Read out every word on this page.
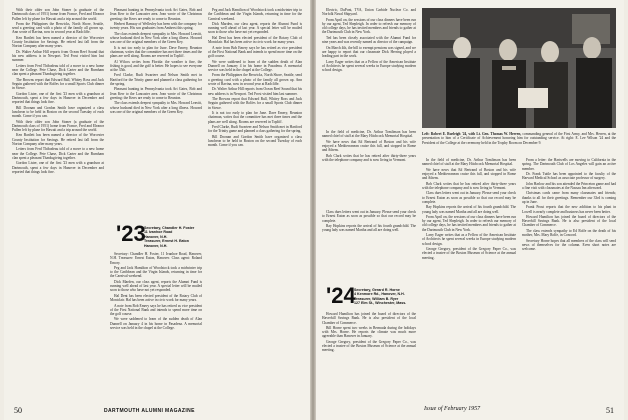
With their older son John Stoner (a graduate of the Dartmouth class of 1951) home from France, Fred and Eleanor Pullen left by plane for Hawaii and a trip around the world.

From the Philippines the Berwicks, North Shore, Seattle, send a greeting card with a photo of the family all grown up. Ann wrote of Ravina, now in second year at Radcliffe.

Ken Bartlett has been named a director of the Worcester County Institution for Savings. He retired last fall from the Norton Company after many years.

Dr. Walter Arthur Hill reports from Ocean Reef Sound that his new address is in Newport. Ted Frost visited him last summer.

Letters from Ferd Thibodeau told of a move to a new home near the College. Pete Chase, Dick Carter and the Burnham clan spent a pleasant Thanksgiving together.

The Browns report that Edward Ball, Whitey Ross and Jack Seguin gathered with the Rolfes for a small Sports Club dinner in Stowe.

Gordon Lister, one of the first '23 men with a grandson at Dartmouth, spent a few days in Hanover in December and reported that things look fine.

Bill Doonan and Gordon Smith have organized a class luncheon to be held in Boston on the second Tuesday of each month. Come if you can.

With their older son John Stoner (a graduate of the Dartmouth class of 1951) home from France, Fred and Eleanor Pullen left by plane for Hawaii and a trip around the world.

Ken Bartlett has been named a director of the Worcester County Institution for Savings. He retired last fall from the Norton Company after many years.

Letters from Ferd Thibodeau told of a move to a new home near the College. Pete Chase, Dick Carter and the Burnham clan spent a pleasant Thanksgiving together.

Gordon Lister, one of the first '23 men with a grandson at Dartmouth, spent a few days in Hanover in December and reported that things look fine.

Pheasant hunting in Pennsylvania took Art Gates, Bob and Jean Kerr to the Lancaster area. Jean wrote of the Christmas greeting: the Kerrs are ready to come to Reunion.

Herbert Ramsay of Wellesley has been with the company for twenty years. His son graduates from Amherst this spring.

The class extends deepest sympathy to Mrs. Howard Leavitt, whose husband died in New York after a long illness. Howard was one of the original members of the Green Key.

It is not too early to plan for June. Dave Emery, Reunion chairman, writes that the committee has met three times and the plans are well along. Rooms are reserved in Topliff.

Al Wilcox writes from Florida: the weather is fine, the fishing is good, and the golf is better. He hopes to see everyone at the 35th.

Fred Clarke, Rudi Swarteer and Nelson Smith met in Hartford for the Trinity game and planned a class gathering for the spring.

Pheasant hunting in Pennsylvania took Art Gates, Bob and Jean Kerr to the Lancaster area. Jean wrote of the Christmas greeting: the Kerrs are ready to come to Reunion.

The class extends deepest sympathy to Mrs. Howard Leavitt, whose husband died in New York after a long illness. Howard was one of the original members of the Green Key.

'23
Secretary, Chandler H. Foster
11 Ivanhoe Road
Hanover, N.H.
Treasurer, Ernest H. Eaton
Hanover, N.H.

Secretary: Chandler H. Foster, 11 Ivanhoe Road, Hanover, N.H. Treasurer: Ernest Eaton, Hanover. Class agent: Roland Emory.

Peg and Jack Hamilton of Woodstock took a midwinter trip to the Caribbean and the Virgin Islands, returning in time for the Carnival weekend.

Dick Marden, our class agent, reports the Alumni Fund is running well ahead of last year. A special letter will be mailed soon to those who have not yet responded.

Hal Dent has been elected president of the Rotary Club of Montclair. Hal has been active in civic work for many years.

A note from Bob Emery says he has retired as vice president of the First National Bank and intends to spend more time on the golf course.

We were saddened to learn of the sudden death of Alan Dunnell on January 4 in his home in Pasadena. A memorial service was held in the chapel at the College.

Peg and Jack Hamilton of Woodstock took a midwinter trip to the Caribbean and the Virgin Islands, returning in time for the Carnival weekend.

Dick Marden, our class agent, reports the Alumni Fund is running well ahead of last year. A special letter will be mailed soon to those who have not yet responded.

Hal Dent has been elected president of the Rotary Club of Montclair. Hal has been active in civic work for many years.

A note from Bob Emery says he has retired as vice president of the First National Bank and intends to spend more time on the golf course.

We were saddened to learn of the sudden death of Alan Dunnell on January 4 in his home in Pasadena. A memorial service was held in the chapel at the College.

From the Philippines the Berwicks, North Shore, Seattle, send a greeting card with a photo of the family all grown up. Ann wrote of Ravina, now in second year at Radcliffe.

Dr. Walter Arthur Hill reports from Ocean Reef Sound that his new address is in Newport. Ted Frost visited him last summer.

The Browns report that Edward Ball, Whitey Ross and Jack Seguin gathered with the Rolfes for a small Sports Club dinner in Stowe.

It is not too early to plan for June. Dave Emery, Reunion chairman, writes that the committee has met three times and the plans are well along. Rooms are reserved in Topliff.

Fred Clarke, Rudi Swarteer and Nelson Smith met in Hartford for the Trinity game and planned a class gathering for the spring.

Bill Doonan and Gordon Smith have organized a class luncheon to be held in Boston on the second Tuesday of each month. Come if you can.

50	DARTMOUTH ALUMNI MAGAZINE

Electric, DuPont, TVA, Union Carbide Nuclear Co. and Norfolk Naval Shipyard.

From April on, the sessions of our class dinners have been run by our agent, Ted Shepleigh. In order to refresh our memory of old college days, he has invited members and friends to gather at the Dartmouth Club in New York.

Ted has been closely associated with the Alumni Fund for nine years and was recently named as director of the campaign.

On March 4th, the bill to exempt pensions was signed, and we are happy to report that our classmate Dick Herring played a leading part in the work.

Larry Eager writes that as a Fellow of the American Institute of Architects he spent several weeks in Europe studying modern school design.

In the field of medicine, Dr. Arthur Tomlinson has been named chief of staff at the Mary Hitchcock Memorial Hospital.

We have news that Ed Bertrand of Boston and his wife enjoyed a Mediterranean cruise this fall, and stopped in Rome and Athens.

Bob Clark writes that he has retired after thirty-three years with the telephone company and is now living in Vermont.

Left: Robert E. Burleigh '24, with Lt. Gen. Thomas W. Herren, commanding general of the First Army, and Mrs. Herren, at the presentation to him of a Certificate of Achievement honoring him for outstanding service. At right: E. Lee Wilson '24 and the President of the College at the ceremony held in the Trophy Room on December 9.

In the field of medicine, Dr. Arthur Tomlinson has been named chief of staff at the Mary Hitchcock Memorial Hospital.

We have news that Ed Bertrand of Boston and his wife enjoyed a Mediterranean cruise this fall, and stopped in Rome and Athens.

Bob Clark writes that he has retired after thirty-three years with the telephone company and is now living in Vermont.

Class dues letters went out in January. Please send your check to Ernest Eaton as soon as possible so that our record may be complete.

Ray Hopkins reports the arrival of his fourth grandchild. The young lady was named Martha and all are doing well.

From April on, the sessions of our class dinners have been run by our agent, Ted Shepleigh. In order to refresh our memory of old college days, he has invited members and friends to gather at the Dartmouth Club in New York.

Larry Eager writes that as a Fellow of the American Institute of Architects he spent several weeks in Europe studying modern school design.

George Gregory, president of the Gregory Paper Co., was elected a trustee of the Boston Museum of Science at the annual meeting.

From a letter: the Hartwells are moving to California in the spring. The Dartmouth Club of Los Angeles will gain an active member.

Dr. Frank Tuttle has been appointed to the faculty of the Harvard Medical School as associate professor of surgery.

John Harlow and his son attended the Princeton game and had a fine visit with classmates at the Nassau Inn afterward.

Christmas cards came from many classmates and friends; thanks to all for their greetings. Remember our 33rd is coming up in June.

Frank Prout reports that the new addition to his plant in Lowell is nearly complete and business has never been better.

Howard Hamilton has joined the board of directors of the Haverhill Savings Bank. He is also president of the local Chamber of Commerce.

The class extends sympathy to Ed Rolfe on the death of his mother, Mrs. Mary Rolfe, in Concord.

Secretary Horne hopes that all members of the class will send news of themselves for the column. Even short notes are welcome.

Class dues letters went out in January. Please send your check to Ernest Eaton as soon as possible so that our record may be complete.

Ray Hopkins reports the arrival of his fourth grandchild. The young lady was named Martha and all are doing well.

'24
Secretary, Gerard R. Horne
4 Kenmore Rd., Hanover, N.H.
Treasurer, William B. Ryer
127 Elm St., Winchester, Mass.

Howard Hamilton has joined the board of directors of the Haverhill Savings Bank. He is also president of the local Chamber of Commerce.

Bill Horne spent two weeks in Bermuda during the holidays with Mrs. Horne. He reports the climate was much more agreeable than Hanover in January.

George Gregory, president of the Gregory Paper Co., was elected a trustee of the Boston Museum of Science at the annual meeting.

Issue of February 1957	51
